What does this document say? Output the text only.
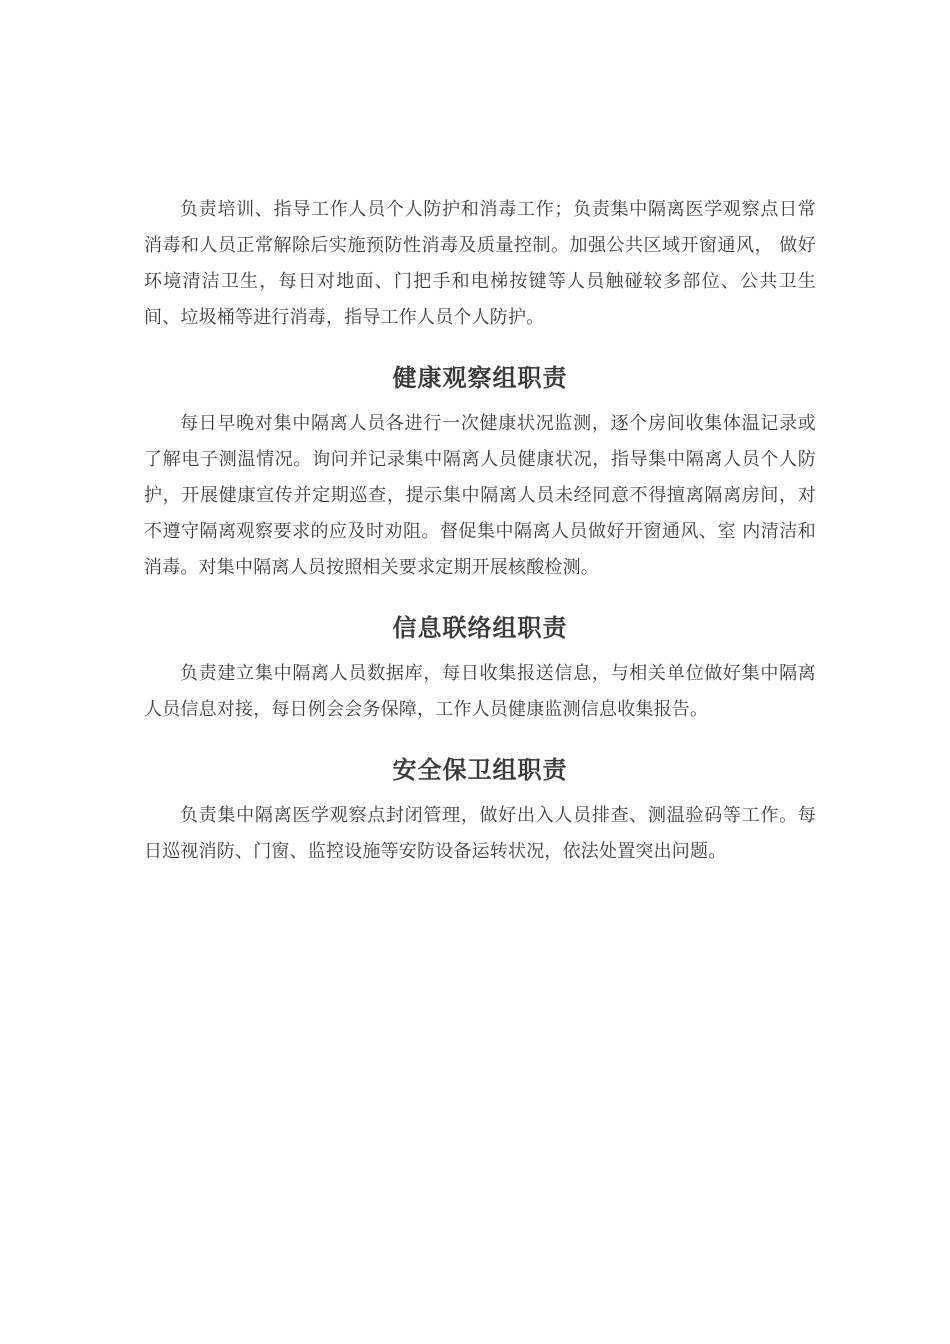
负责培训、指导工作人员个人防护和消毒工作；负责集中隔离医学观察点日常消毒和人员正常解除后实施预防性消毒及质量控制。加强公共区域开窗通风， 做好环境清洁卫生，每日对地面、门把手和电梯按键等人员触碰较多部位、公共卫生间、垃圾桶等进行消毒，指导工作人员个人防护。

健康观察组职责

每日早晚对集中隔离人员各进行一次健康状况监测，逐个房间收集体温记录或了解电子测温情况。询问并记录集中隔离人员健康状况，指导集中隔离人员个人防护，开展健康宣传并定期巡查，提示集中隔离人员未经同意不得擅离隔离房间，对不遵守隔离观察要求的应及时劝阻。督促集中隔离人员做好开窗通风、室 内清洁和消毒。对集中隔离人员按照相关要求定期开展核酸检测。

信息联络组职责

负责建立集中隔离人员数据库，每日收集报送信息，与相关单位做好集中隔离人员信息对接，每日例会会务保障，工作人员健康监测信息收集报告。

安全保卫组职责

负责集中隔离医学观察点封闭管理，做好出入人员排查、测温验码等工作。每日巡视消防、门窗、监控设施等安防设备运转状况，依法处置突出问题。
